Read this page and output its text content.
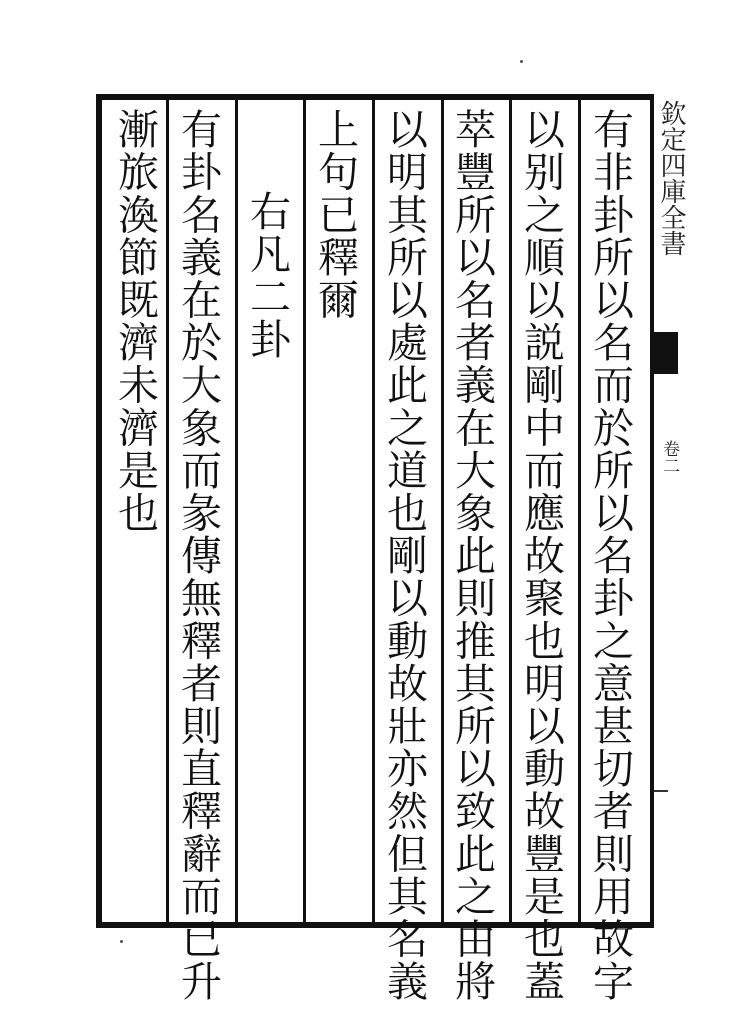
有非卦所以名而於所以名卦之意甚切者則用故字
以别之順以説剛中而應故聚也明以動故豐是也蓋
萃豐所以名者義在大象此則推其所以致此之由將
以明其所以處此之道也剛以動故壯亦然但其名義
上句已釋爾
右凡二卦
有卦名義在於大象而彖傳無釋者則直釋辭而已升
漸旅渙節既濟未濟是也	欽定四庫全書
卷二
